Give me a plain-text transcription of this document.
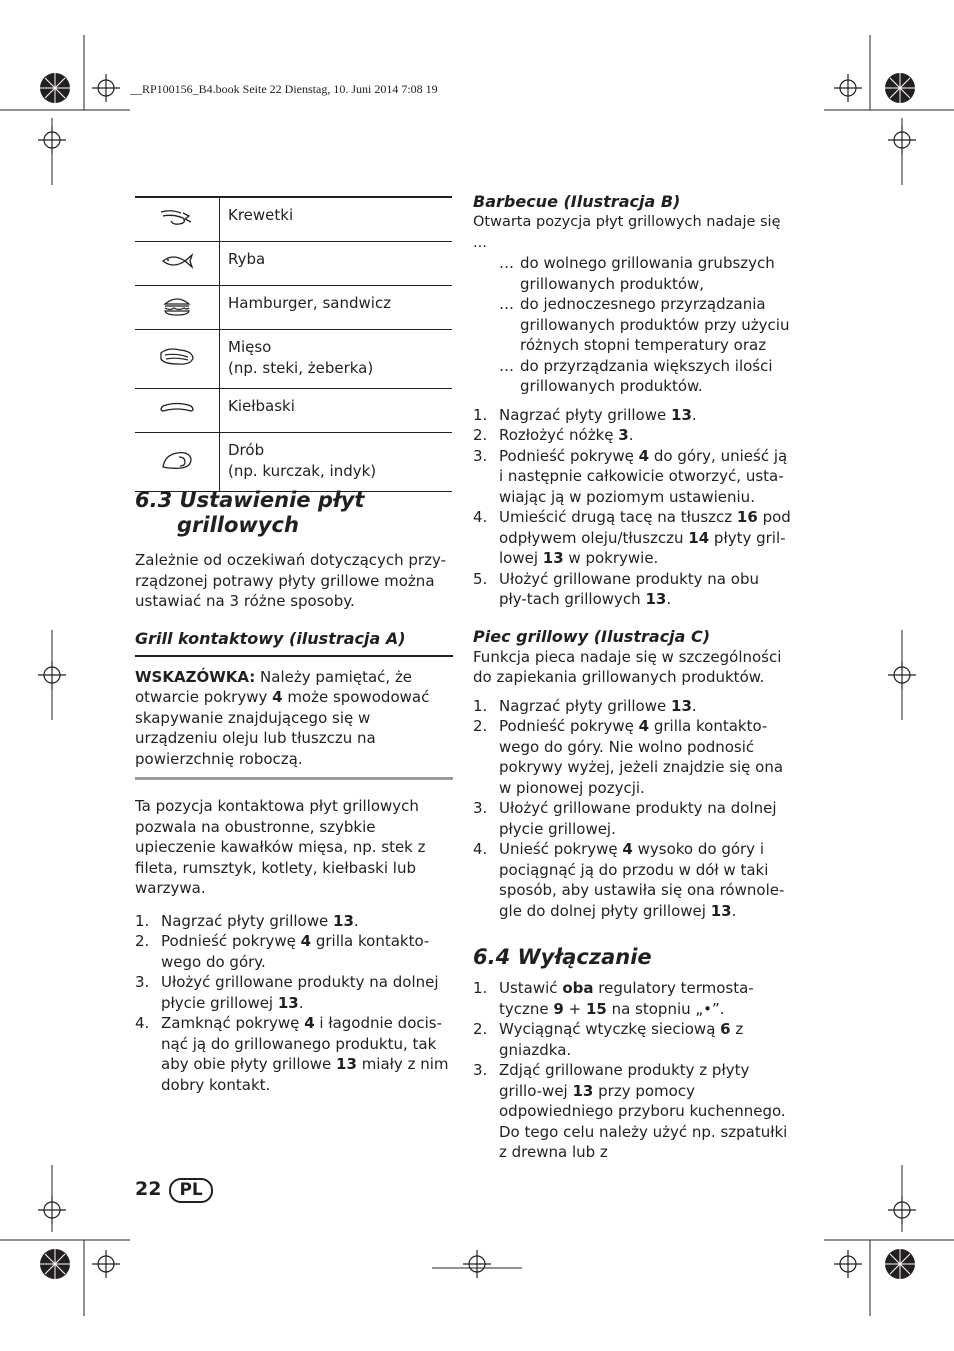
__RP100156_B4.book Seite 22 Dienstag, 10. Juni 2014 7:08 19
	Krewetki
	Ryba
	Hamburger, sandwicz
	Mięso
(np. steki, żeberka)
	Kiełbaski
	Drób
(np. kurczak, indyk)
6.3 Ustawienie płyt
grillowych

Zależnie od oczekiwań dotyczących przy-rządzonej potrawy płyty grillowe można ustawiać na 3 różne sposoby.

Grill kontaktowy (ilustracja A)

WSKAZÓWKA: Należy pamiętać, że otwarcie pokrywy 4 może spowodować skapywanie znajdującego się w urządzeniu oleju lub tłuszczu na powierzchnię roboczą.

Ta pozycja kontaktowa płyt grillowych pozwala na obustronne, szybkie upieczenie kawałków mięsa, np. stek z fileta, rumsztyk, kotlety, kiełbaski lub warzywa.

1. Nagrzać płyty grillowe 13.
2. Podnieść pokrywę 4 grilla kontakto-wego do góry.
3. Ułożyć grillowane produkty na dolnej płycie grillowej 13.
4. Zamknąć pokrywę 4 i łagodnie docis-nąć ją do grillowanego produktu, tak aby obie płyty grillowe 13 miały z nim dobry kontakt.
Barbecue (Ilustracja B)

Otwarta pozycja płyt grillowych nadaje się ...

… do wolnego grillowania grubszych grillowanych produktów,
… do jednoczesnego przyrządzania grillowanych produktów przy użyciu różnych stopni temperatury oraz
… do przyrządzania większych ilości grillowanych produktów.
1. Nagrzać płyty grillowe 13.
2. Rozłożyć nóżkę 3.
3. Podnieść pokrywę 4 do góry, unieść ją i następnie całkowicie otworzyć, usta-wiając ją w poziomym ustawieniu.
4. Umieścić drugą tacę na tłuszcz 16 pod odpływem oleju/tłuszczu 14 płyty gril-lowej 13 w pokrywie.
5. Ułożyć grillowane produkty na obu pły-tach grillowych 13.
Piec grillowy (Ilustracja C)

Funkcja pieca nadaje się w szczególności do zapiekania grillowanych produktów.

1. Nagrzać płyty grillowe 13.
2. Podnieść pokrywę 4 grilla kontakto-wego do góry. Nie wolno podnosić pokrywy wyżej, jeżeli znajdzie się ona w pionowej pozycji.
3. Ułożyć grillowane produkty na dolnej płycie grillowej.
4. Unieść pokrywę 4 wysoko do góry i pociągnąć ją do przodu w dół w taki sposób, aby ustawiła się ona równole-gle do dolnej płyty grillowej 13.
6.4 Wyłączanie
1. Ustawić oba regulatory termosta-tyczne 9 + 15 na stopniu „•”.
2. Wyciągnąć wtyczkę sieciową 6 z gniazdka.
3. Zdjąć grillowane produkty z płyty grillo-wej 13 przy pomocy odpowiedniego przyboru kuchennego. Do tego celu należy użyć np. szpatułki z drewna lub z
22 PL
